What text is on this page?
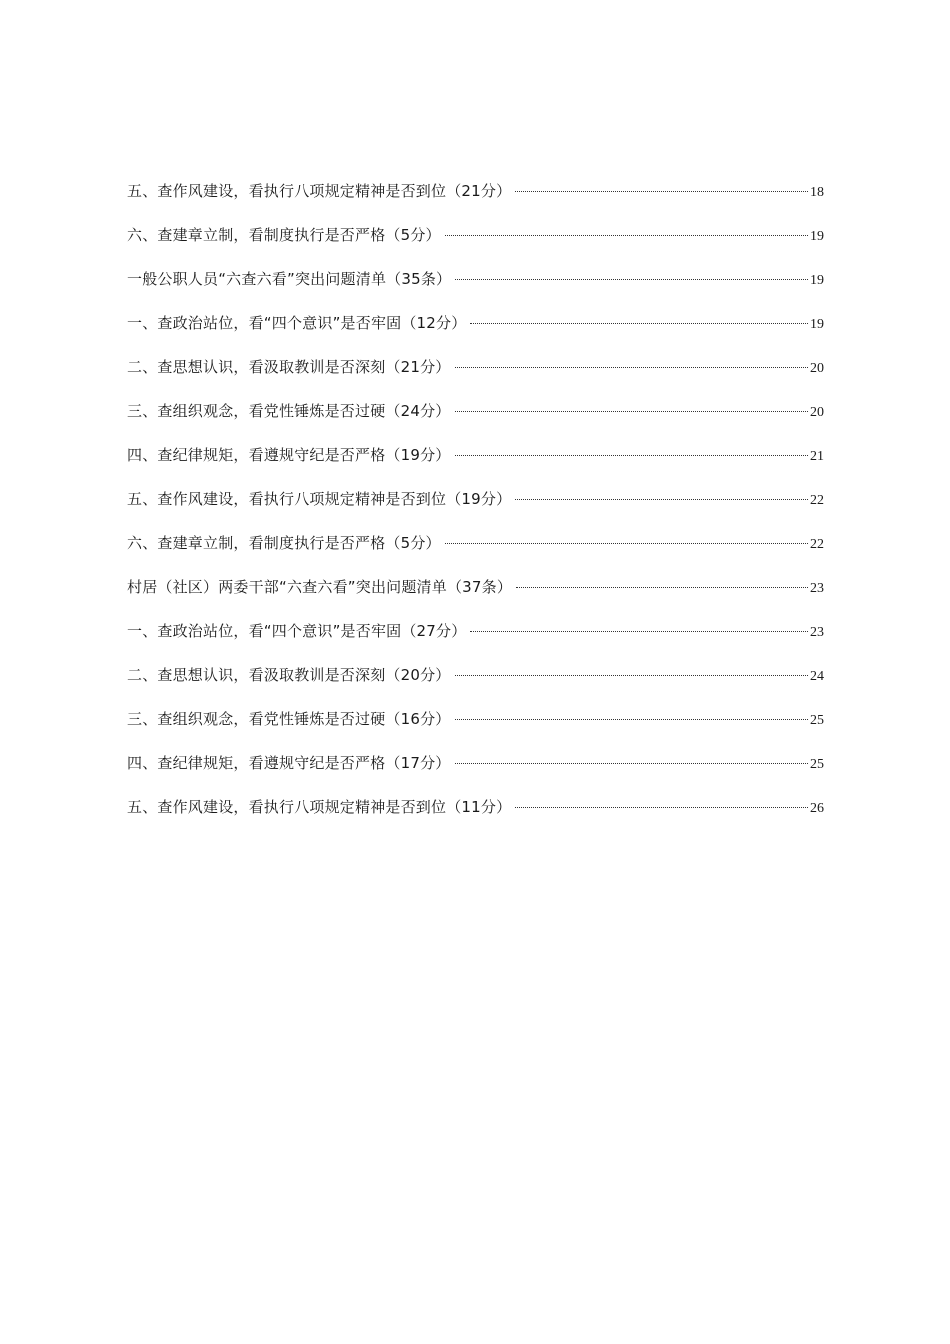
五、查作风建设，看执行八项规定精神是否到位（21分）	18
六、查建章立制，看制度执行是否严格（5分）	19
一般公职人员“六查六看”突出问题清单（35条）	19
一、查政治站位，看“四个意识”是否牢固（12分）	19
二、查思想认识，看汲取教训是否深刻（21分）	20
三、查组织观念，看党性锤炼是否过硬（24分）	20
四、查纪律规矩，看遵规守纪是否严格（19分）	21
五、查作风建设，看执行八项规定精神是否到位（19分）	22
六、查建章立制，看制度执行是否严格（5分）	22
村居（社区）两委干部“六查六看”突出问题清单（37条）	23
一、查政治站位，看“四个意识”是否牢固（27分）	23
二、查思想认识，看汲取教训是否深刻（20分）	24
三、查组织观念，看党性锤炼是否过硬（16分）	25
四、查纪律规矩，看遵规守纪是否严格（17分）	25
五、查作风建设，看执行八项规定精神是否到位（11分）	26
